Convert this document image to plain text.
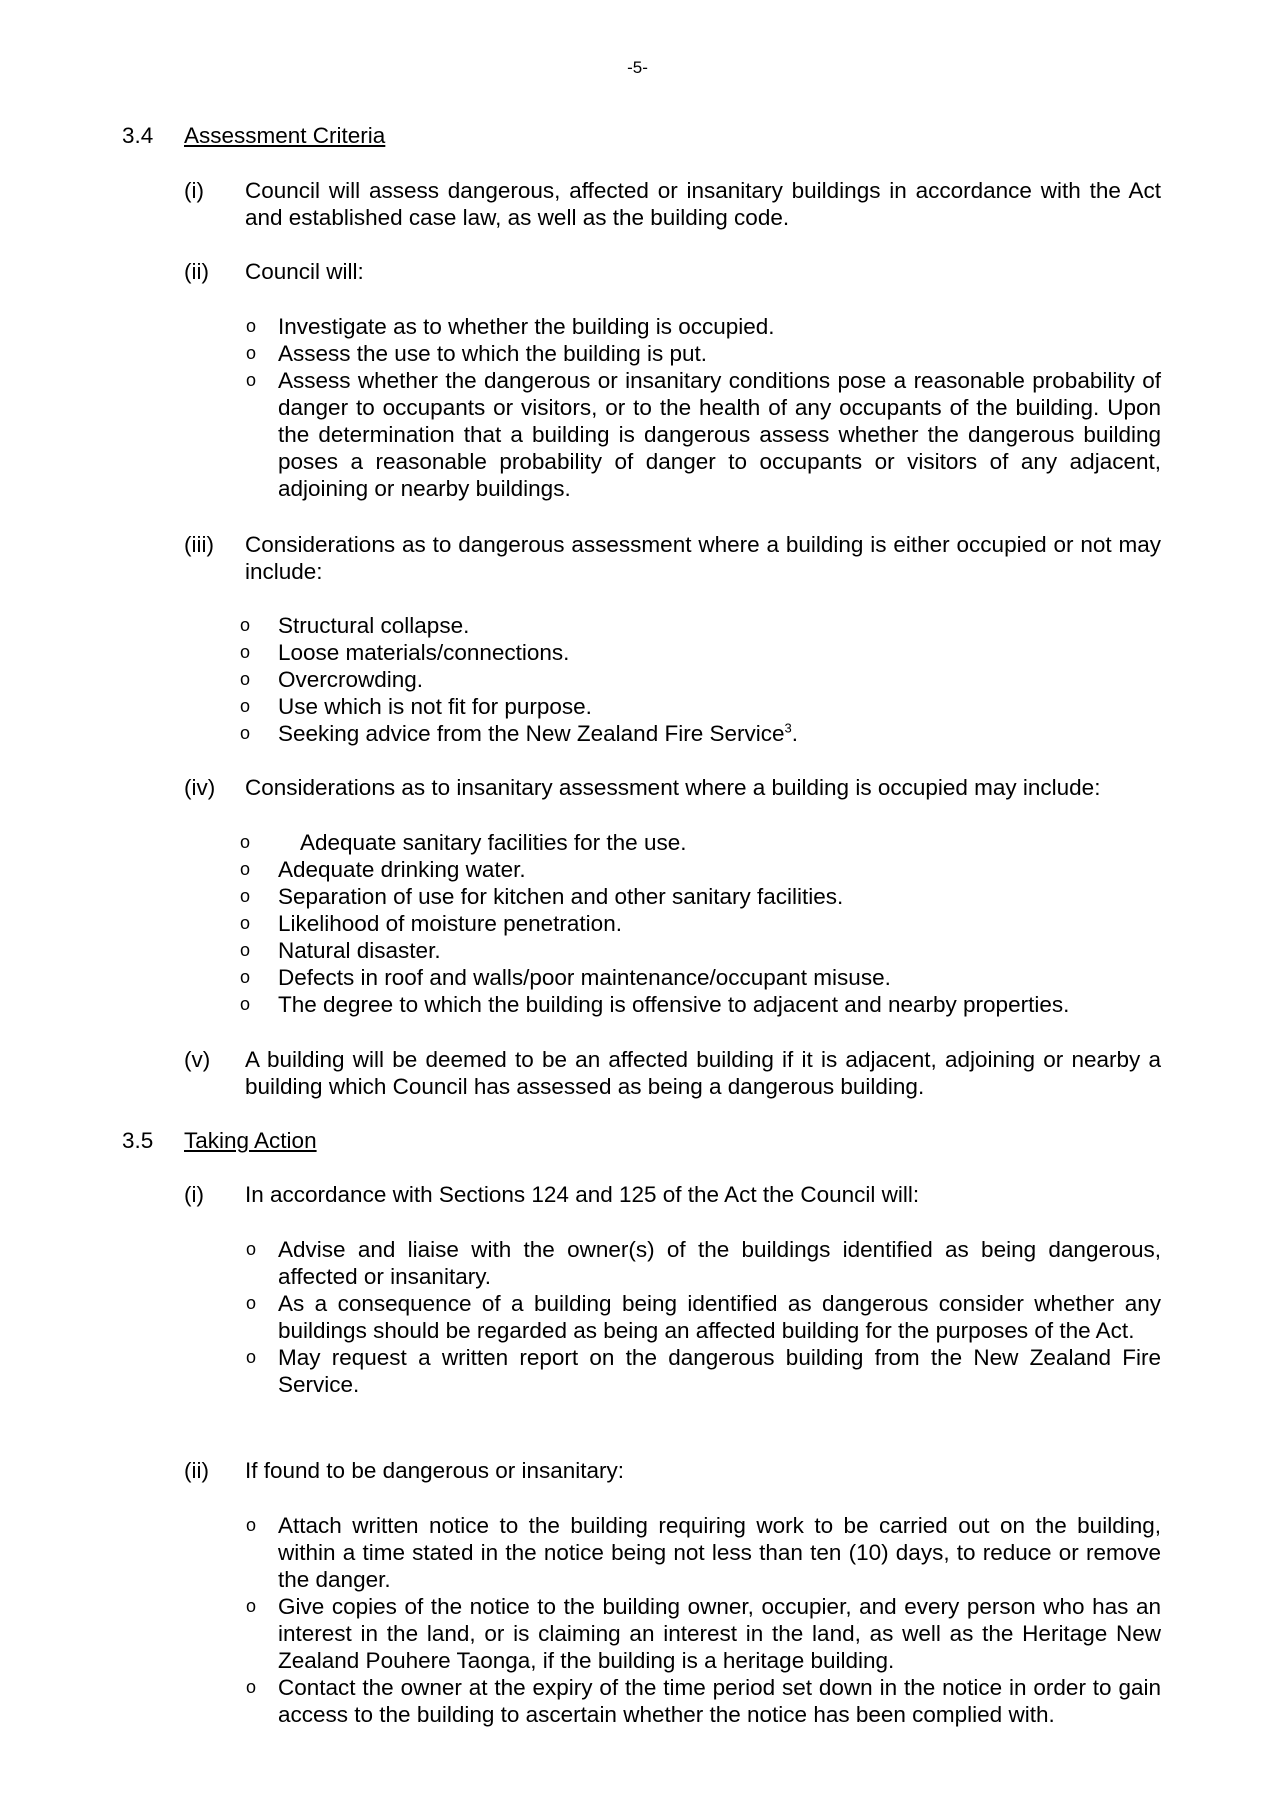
-5-
3.4 Assessment Criteria
(i) Council will assess dangerous, affected or insanitary buildings in accordance with the Act and established case law, as well as the building code.
(ii) Council will:
o Investigate as to whether the building is occupied.
o Assess the use to which the building is put.
o Assess whether the dangerous or insanitary conditions pose a reasonable probability of danger to occupants or visitors, or to the health of any occupants of the building. Upon the determination that a building is dangerous assess whether the dangerous building poses a reasonable probability of danger to occupants or visitors of any adjacent, adjoining or nearby buildings.
(iii) Considerations as to dangerous assessment where a building is either occupied or not may include:
o Structural collapse.
o Loose materials/connections.
o Overcrowding.
o Use which is not fit for purpose.
o Seeking advice from the New Zealand Fire Service$^3$.
(iv) Considerations as to insanitary assessment where a building is occupied may include:
o Adequate sanitary facilities for the use.
o Adequate drinking water.
o Separation of use for kitchen and other sanitary facilities.
o Likelihood of moisture penetration.
o Natural disaster.
o Defects in roof and walls/poor maintenance/occupant misuse.
o The degree to which the building is offensive to adjacent and nearby properties.
(v) A building will be deemed to be an affected building if it is adjacent, adjoining or nearby a building which Council has assessed as being a dangerous building.
3.5 Taking Action
(i) In accordance with Sections 124 and 125 of the Act the Council will:
o Advise and liaise with the owner(s) of the buildings identified as being dangerous, affected or insanitary.
o As a consequence of a building being identified as dangerous consider whether any buildings should be regarded as being an affected building for the purposes of the Act.
o May request a written report on the dangerous building from the New Zealand Fire Service.
(ii) If found to be dangerous or insanitary:
o Attach written notice to the building requiring work to be carried out on the building, within a time stated in the notice being not less than ten (10) days, to reduce or remove the danger.
o Give copies of the notice to the building owner, occupier, and every person who has an interest in the land, or is claiming an interest in the land, as well as the Heritage New Zealand Pouhere Taonga, if the building is a heritage building.
o Contact the owner at the expiry of the time period set down in the notice in order to gain access to the building to ascertain whether the notice has been complied with.
